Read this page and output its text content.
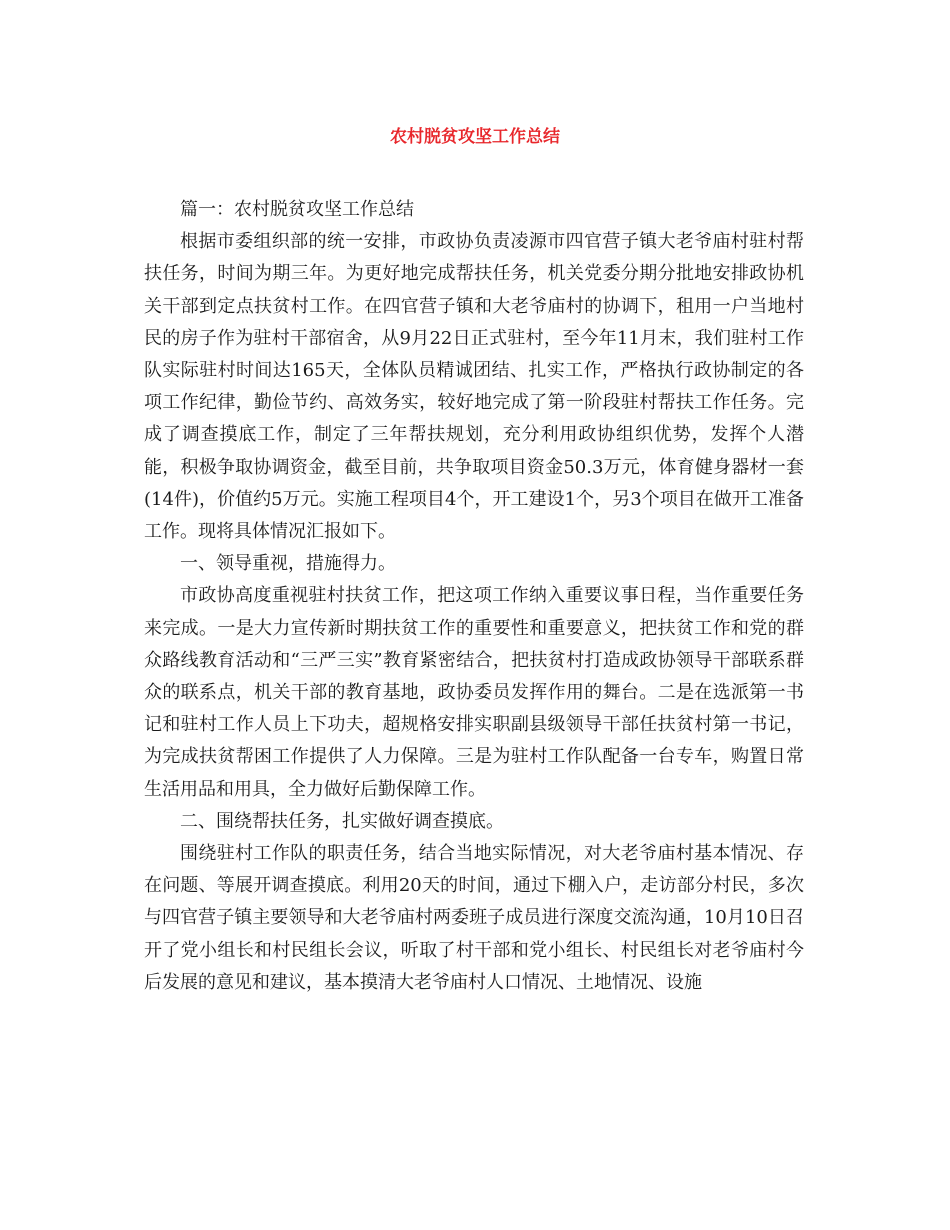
农村脱贫攻坚工作总结

篇一：农村脱贫攻坚工作总结

根据市委组织部的统一安排，市政协负责凌源市四官营子镇大老爷庙村驻村帮扶任务，时间为期三年。为更好地完成帮扶任务，机关党委分期分批地安排政协机关干部到定点扶贫村工作。在四官营子镇和大老爷庙村的协调下，租用一户当地村民的房子作为驻村干部宿舍，从9月22日正式驻村，至今年11月末，我们驻村工作队实际驻村时间达165天，全体队员精诚团结、扎实工作，严格执行政协制定的各项工作纪律，勤俭节约、高效务实，较好地完成了第一阶段驻村帮扶工作任务。完成了调查摸底工作，制定了三年帮扶规划，充分利用政协组织优势，发挥个人潜能，积极争取协调资金，截至目前，共争取项目资金50.3万元，体育健身器材一套(14件)，价值约5万元。实施工程项目4个，开工建设1个，另3个项目在做开工准备工作。现将具体情况汇报如下。

一、领导重视，措施得力。

市政协高度重视驻村扶贫工作，把这项工作纳入重要议事日程，当作重要任务来完成。一是大力宣传新时期扶贫工作的重要性和重要意义，把扶贫工作和党的群众路线教育活动和“三严三实”教育紧密结合，把扶贫村打造成政协领导干部联系群众的联系点，机关干部的教育基地，政协委员发挥作用的舞台。二是在选派第一书记和驻村工作人员上下功夫，超规格安排实职副县级领导干部任扶贫村第一书记，为完成扶贫帮困工作提供了人力保障。三是为驻村工作队配备一台专车，购置日常生活用品和用具，全力做好后勤保障工作。

二、围绕帮扶任务，扎实做好调查摸底。

围绕驻村工作队的职责任务，结合当地实际情况，对大老爷庙村基本情况、存在问题、等展开调查摸底。利用20天的时间，通过下棚入户，走访部分村民，多次与四官营子镇主要领导和大老爷庙村两委班子成员进行深度交流沟通，10月10日召开了党小组长和村民组长会议，听取了村干部和党小组长、村民组长对老爷庙村今后发展的意见和建议，基本摸清大老爷庙村人口情况、土地情况、设施
